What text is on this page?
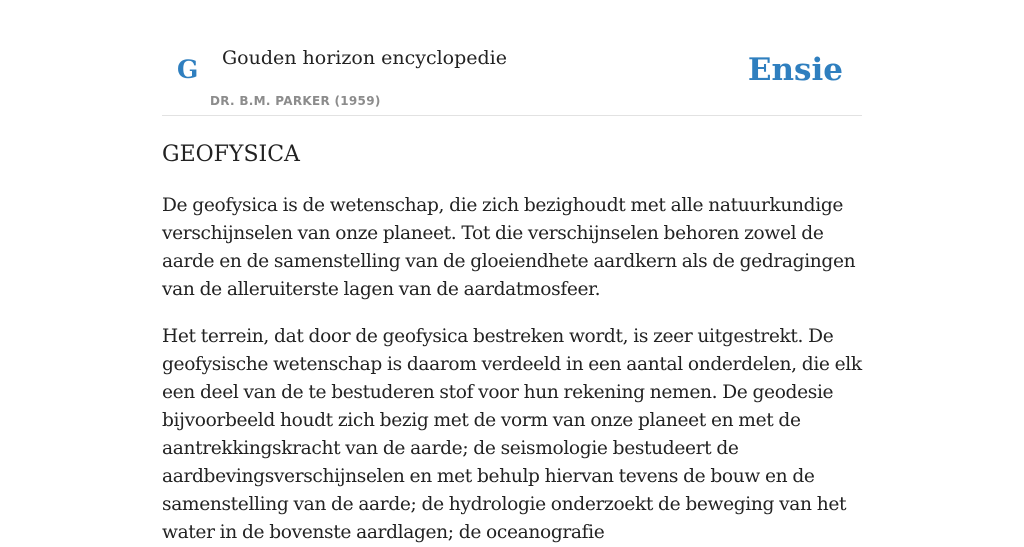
G Gouden horizon encyclopedie
DR. B.M. PARKER (1959)
Ensie
GEOFYSICA

De geofysica is de wetenschap, die zich bezighoudt met alle natuurkundige verschijnselen van onze planeet. Tot die verschijnselen behoren zowel de aarde en de samenstelling van de gloeiendhete aardkern als de gedragingen van de alleruiterste lagen van de aardatmosfeer.

Het terrein, dat door de geofysica bestreken wordt, is zeer uitgestrekt. De geofysische wetenschap is daarom verdeeld in een aantal onderdelen, die elk een deel van de te bestuderen stof voor hun rekening nemen. De geodesie bijvoorbeeld houdt zich bezig met de vorm van onze planeet en met de aantrekkingskracht van de aarde; de seismologie bestudeert de aardbevingsverschijnselen en met behulp hiervan tevens de bouw en de samenstelling van de aarde; de hydrologie onderzoekt de beweging van het water in de bovenste aardlagen; de oceanografie
